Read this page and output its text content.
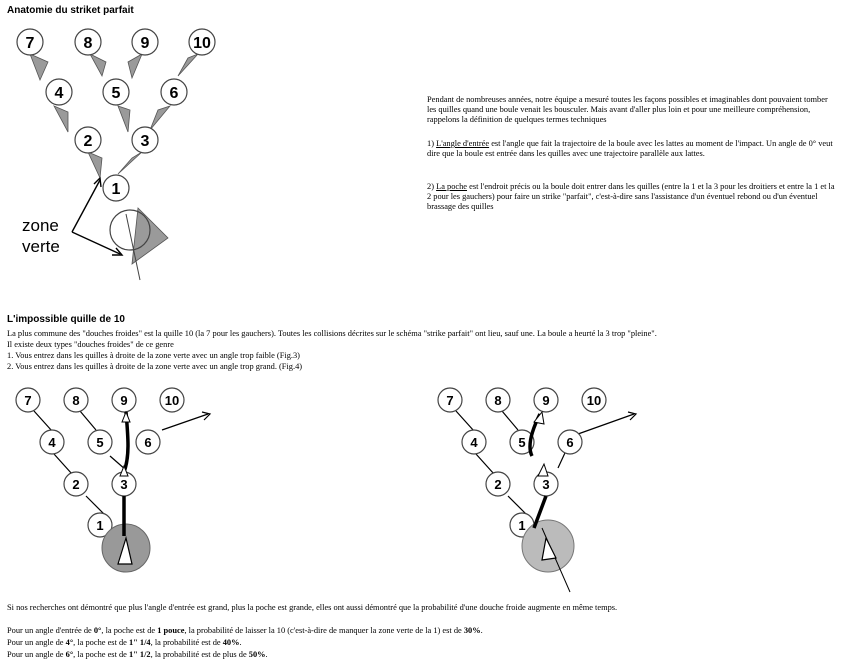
Anatomie du striket parfait
7	8	9	10
4	5	6
2	3
1
zone
verte

Pendant de nombreuses années, notre équipe a mesuré toutes les façons possibles et imaginables dont pouvaient tomber les quilles quand une boule venait les bousculer. Mais avant d'aller plus loin et pour une meilleure compréhension, rappelons la définition de quelques termes techniques

1) L'angle d'entrée est l'angle que fait la trajectoire de la boule avec les lattes au moment de l'impact. Un angle de 0° veut dire que la boule est entrée dans les quilles avec une trajectoire parallèle aux lattes.

2) La poche est l'endroit précis ou la boule doit entrer dans les quilles (entre la 1 et la 3 pour les droitiers et entre la 1 et la 2 pour les gauchers) pour faire un strike "parfait", c'est-à-dire sans l'assistance d'un éventuel rebond ou d'un éventuel brassage des quilles

L'impossible quille de 10

La plus commune des "douches froides" est la quille 10 (la 7 pour les gauchers). Toutes les collisions décrites sur le schéma "strike parfait" ont lieu, sauf une. La boule a heurté la 3 trop "pleine".

Il existe deux types "douches froides" de ce genre

1. Vous entrez dans les quilles à droite de la zone verte avec un angle trop faible (Fig.3)

2. Vous entrez dans les quilles à droite de la zone verte avec un angle trop grand. (Fig.4)

7	8	9	10
4	5	6
2	3
1
7	8	9	10
4	5	6
2	3
1

Si nos recherches ont démontré que plus l'angle d'entrée est grand, plus la poche est grande, elles ont aussi démontré que la probabilité d'une douche froide augmente en même temps.

Pour un angle d'entrée de 0°, la poche est de 1 pouce, la probabilité de laisser la 10 (c'est-à-dire de manquer la zone verte de la 1) est de 30%.

Pour un angle de 4°, la poche est de 1" 1/4, la probabilité est de 40%.

Pour un angle de 6°, la poche est de 1" 1/2, la probabilité est de plus de 50%.
